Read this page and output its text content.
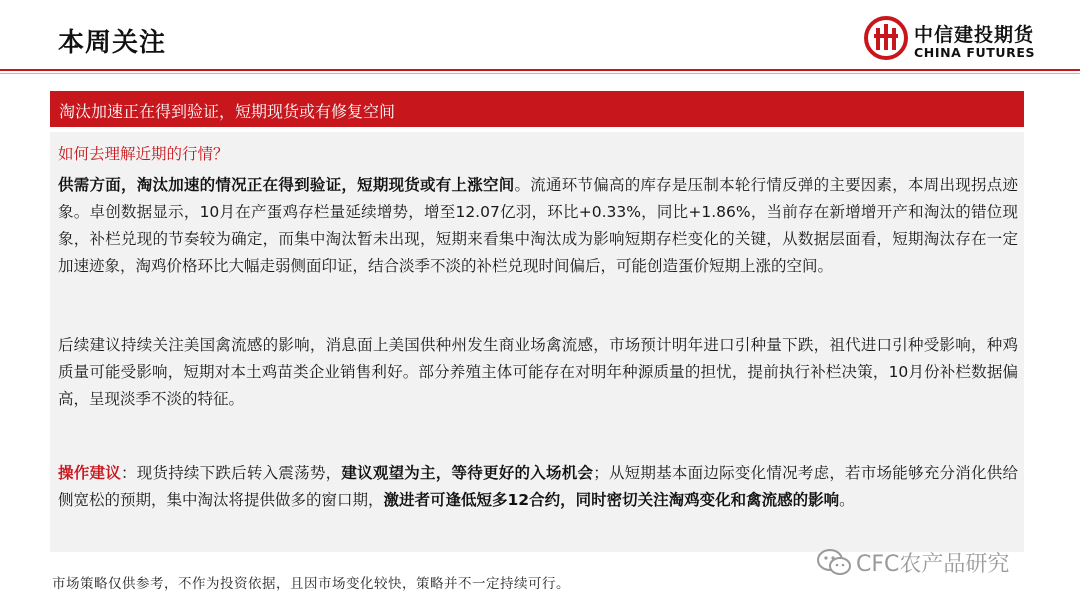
本周关注	中信建投期货
CHINA FUTURES
淘汰加速正在得到验证，短期现货或有修复空间
如何去理解近期的行情？
供需方面，淘汰加速的情况正在得到验证，短期现货或有上涨空间。流通环节偏高的库存是压制本轮行情反弹的主要因素，本周出现拐点迹象。卓创数据显示，10月在产蛋鸡存栏量延续增势，增至12.07亿羽，环比+0.33%，同比+1.86%，当前存在新增增开产和淘汰的错位现象，补栏兑现的节奏较为确定，而集中淘汰暂未出现，短期来看集中淘汰成为影响短期存栏变化的关键，从数据层面看，短期淘汰存在一定加速迹象，淘鸡价格环比大幅走弱侧面印证，结合淡季不淡的补栏兑现时间偏后，可能创造蛋价短期上涨的空间。
后续建议持续关注美国禽流感的影响，消息面上美国供种州发生商业场禽流感，市场预计明年进口引种量下跌，祖代进口引种受影响，种鸡质量可能受影响，短期对本土鸡苗类企业销售利好。部分养殖主体可能存在对明年种源质量的担忧，提前执行补栏决策，10月份补栏数据偏高，呈现淡季不淡的特征。
操作建议：现货持续下跌后转入震荡势，建议观望为主，等待更好的入场机会；从短期基本面边际变化情况考虑，若市场能够充分消化供给侧宽松的预期，集中淘汰将提供做多的窗口期，激进者可逢低短多12合约，同时密切关注淘鸡变化和禽流感的影响。
市场策略仅供参考，不作为投资依据，且因市场变化较快，策略并不一定持续可行。
CFC农产品研究
